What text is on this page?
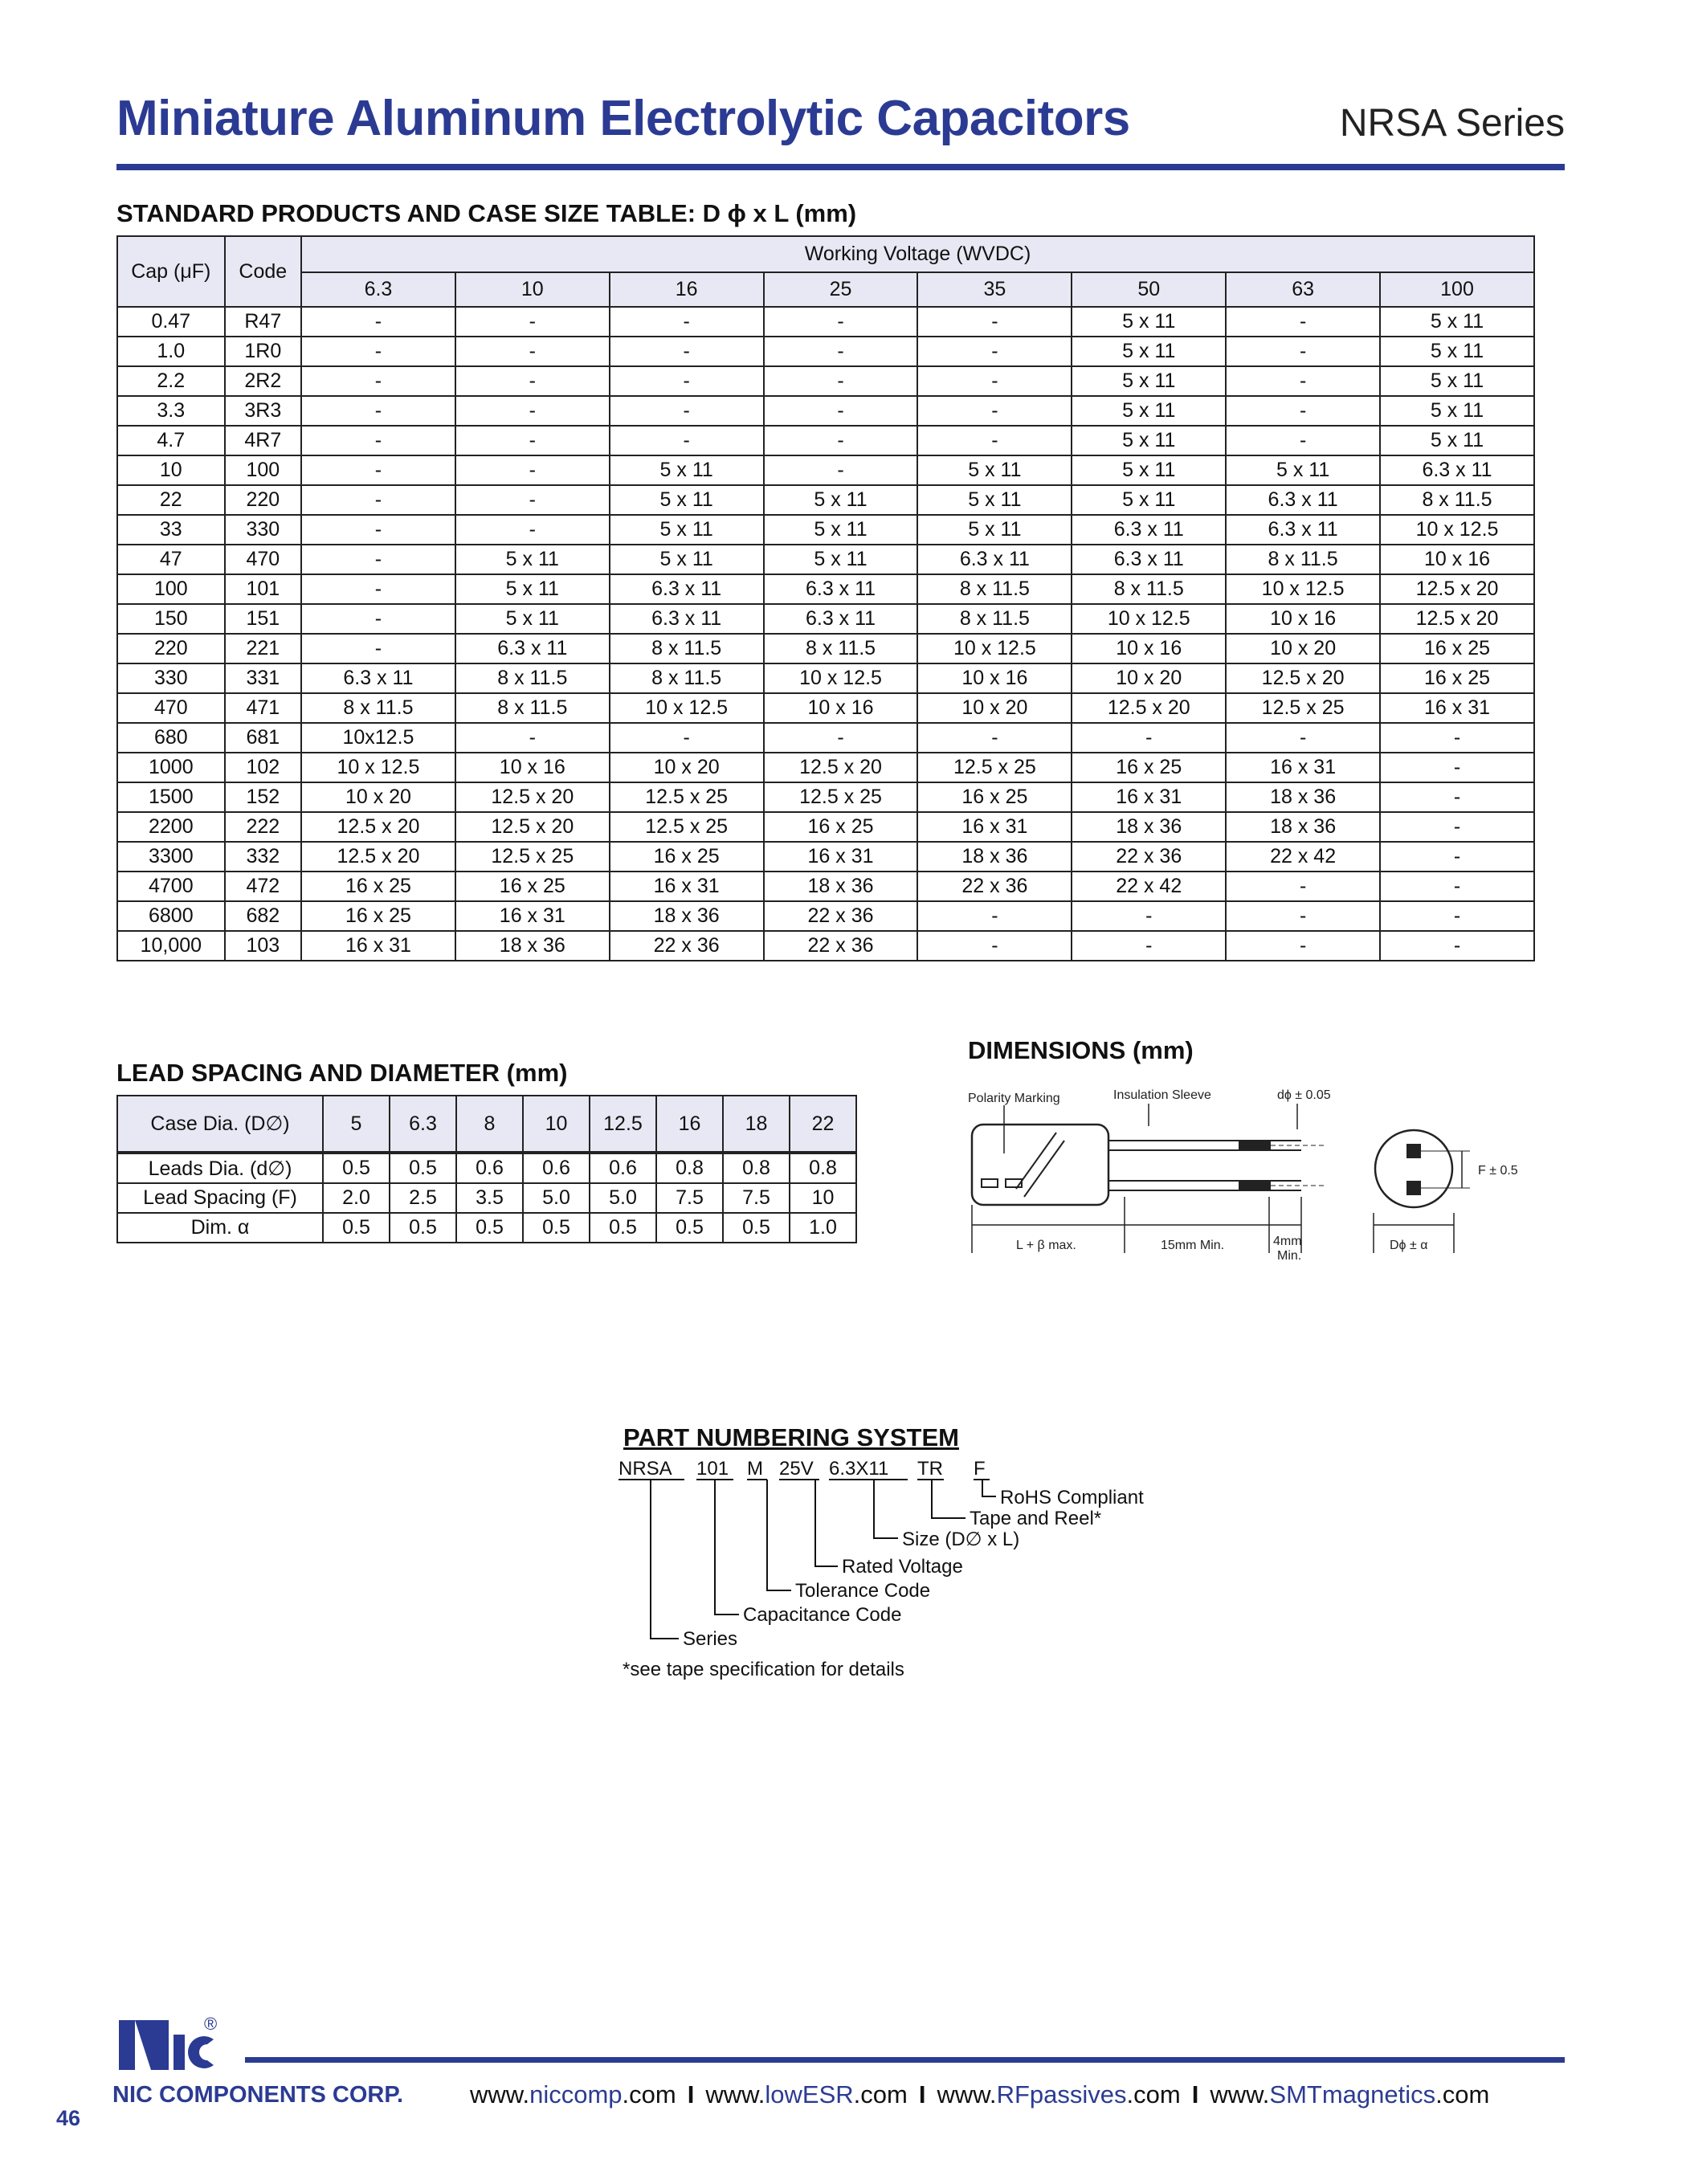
Miniature Aluminum Electrolytic Capacitors	NRSA Series
STANDARD PRODUCTS AND CASE SIZE TABLE: D ϕ x L (mm)
Cap (μF)	Code	Working Voltage (WVDC)							
		6.3	10	16	25	35	50	63	100
0.47	R47	-	-	-	-	-	5 x 11	-	5 x 11
1.0	1R0	-	-	-	-	-	5 x 11	-	5 x 11
2.2	2R2	-	-	-	-	-	5 x 11	-	5 x 11
3.3	3R3	-	-	-	-	-	5 x 11	-	5 x 11
4.7	4R7	-	-	-	-	-	5 x 11	-	5 x 11
10	100	-	-	5 x 11	-	5 x 11	5 x 11	5 x 11	6.3 x 11
22	220	-	-	5 x 11	5 x 11	5 x 11	5 x 11	6.3 x 11	8 x 11.5
33	330	-	-	5 x 11	5 x 11	5 x 11	6.3 x 11	6.3 x 11	10 x 12.5
47	470	-	5 x 11	5 x 11	5 x 11	6.3 x 11	6.3 x 11	8 x 11.5	10 x 16
100	101	-	5 x 11	6.3 x 11	6.3 x 11	8 x 11.5	8 x 11.5	10 x 12.5	12.5 x 20
150	151	-	5 x 11	6.3 x 11	6.3 x 11	8 x 11.5	10 x 12.5	10 x 16	12.5 x 20
220	221	-	6.3 x 11	8 x 11.5	8 x 11.5	10 x 12.5	10 x 16	10 x 20	16 x 25
330	331	6.3 x 11	8 x 11.5	8 x 11.5	10 x 12.5	10 x 16	10 x 20	12.5 x 20	16 x 25
470	471	8 x 11.5	8 x 11.5	10 x 12.5	10 x 16	10 x 20	12.5 x 20	12.5 x 25	16 x 31
680	681	10x12.5	-	-	-	-	-	-	-
1000	102	10 x 12.5	10 x 16	10 x 20	12.5 x 20	12.5 x 25	16 x 25	16 x 31	-
1500	152	10 x 20	12.5 x 20	12.5 x 25	12.5 x 25	16 x 25	16 x 31	18 x 36	-
2200	222	12.5 x 20	12.5 x 20	12.5 x 25	16 x 25	16 x 31	18 x 36	18 x 36	-
3300	332	12.5 x 20	12.5 x 25	16 x 25	16 x 31	18 x 36	22 x 36	22 x 42	-
4700	472	16 x 25	16 x 25	16 x 31	18 x 36	22 x 36	22 x 42	-	-
6800	682	16 x 25	16 x 31	18 x 36	22 x 36	-	-	-	-
10,000	103	16 x 31	18 x 36	22 x 36	22 x 36	-	-	-	-
LEAD SPACING AND DIAMETER (mm)
Case Dia. (D∅)	5	6.3	8	10	12.5	16	18	22
Leads Dia. (d∅)	0.5	0.5	0.6	0.6	0.6	0.8	0.8	0.8
Lead Spacing (F)	2.0	2.5	3.5	5.0	5.0	7.5	7.5	10
Dim. α	0.5	0.5	0.5	0.5	0.5	0.5	0.5	1.0
DIMENSIONS (mm)
Polarity Marking	Insulation Sleeve	dϕ ± 0.05
F ± 0.5
L + β max.	15mm Min.	4mm
Min.
Dϕ ± α
PART NUMBERING SYSTEM
NRSA 101 M 25V 6.3X11 TR F
RoHS Compliant
Tape and Reel*
Size (D∅ x L)
Rated Voltage
Tolerance Code
Capacitance Code
Series
*see tape specification for details
®
NIC COMPONENTS CORP.	www.niccomp.com I www.lowESR.com I www.RFpassives.com I www.SMTmagnetics.com
46
